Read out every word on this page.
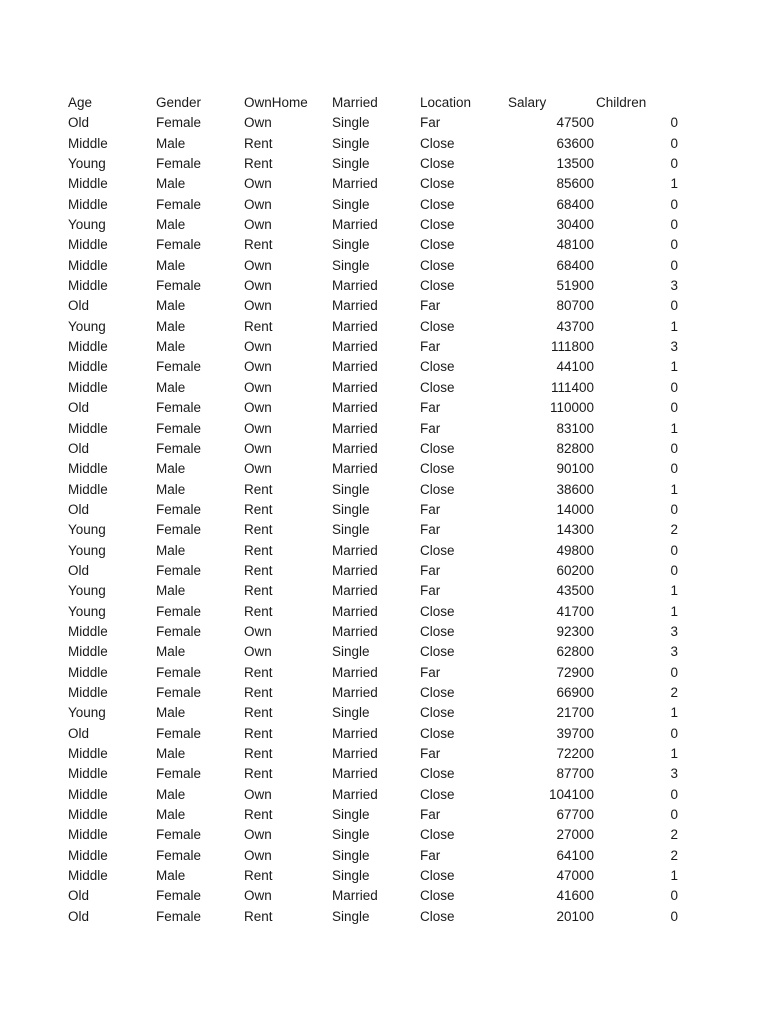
Age	Gender	OwnHome	Married	Location	Salary	Children
Old	Female	Own	Single	Far	47500	0
Middle	Male	Rent	Single	Close	63600	0
Young	Female	Rent	Single	Close	13500	0
Middle	Male	Own	Married	Close	85600	1
Middle	Female	Own	Single	Close	68400	0
Young	Male	Own	Married	Close	30400	0
Middle	Female	Rent	Single	Close	48100	0
Middle	Male	Own	Single	Close	68400	0
Middle	Female	Own	Married	Close	51900	3
Old	Male	Own	Married	Far	80700	0
Young	Male	Rent	Married	Close	43700	1
Middle	Male	Own	Married	Far	111800	3
Middle	Female	Own	Married	Close	44100	1
Middle	Male	Own	Married	Close	111400	0
Old	Female	Own	Married	Far	110000	0
Middle	Female	Own	Married	Far	83100	1
Old	Female	Own	Married	Close	82800	0
Middle	Male	Own	Married	Close	90100	0
Middle	Male	Rent	Single	Close	38600	1
Old	Female	Rent	Single	Far	14000	0
Young	Female	Rent	Single	Far	14300	2
Young	Male	Rent	Married	Close	49800	0
Old	Female	Rent	Married	Far	60200	0
Young	Male	Rent	Married	Far	43500	1
Young	Female	Rent	Married	Close	41700	1
Middle	Female	Own	Married	Close	92300	3
Middle	Male	Own	Single	Close	62800	3
Middle	Female	Rent	Married	Far	72900	0
Middle	Female	Rent	Married	Close	66900	2
Young	Male	Rent	Single	Close	21700	1
Old	Female	Rent	Married	Close	39700	0
Middle	Male	Rent	Married	Far	72200	1
Middle	Female	Rent	Married	Close	87700	3
Middle	Male	Own	Married	Close	104100	0
Middle	Male	Rent	Single	Far	67700	0
Middle	Female	Own	Single	Close	27000	2
Middle	Female	Own	Single	Far	64100	2
Middle	Male	Rent	Single	Close	47000	1
Old	Female	Own	Married	Close	41600	0
Old	Female	Rent	Single	Close	20100	0
